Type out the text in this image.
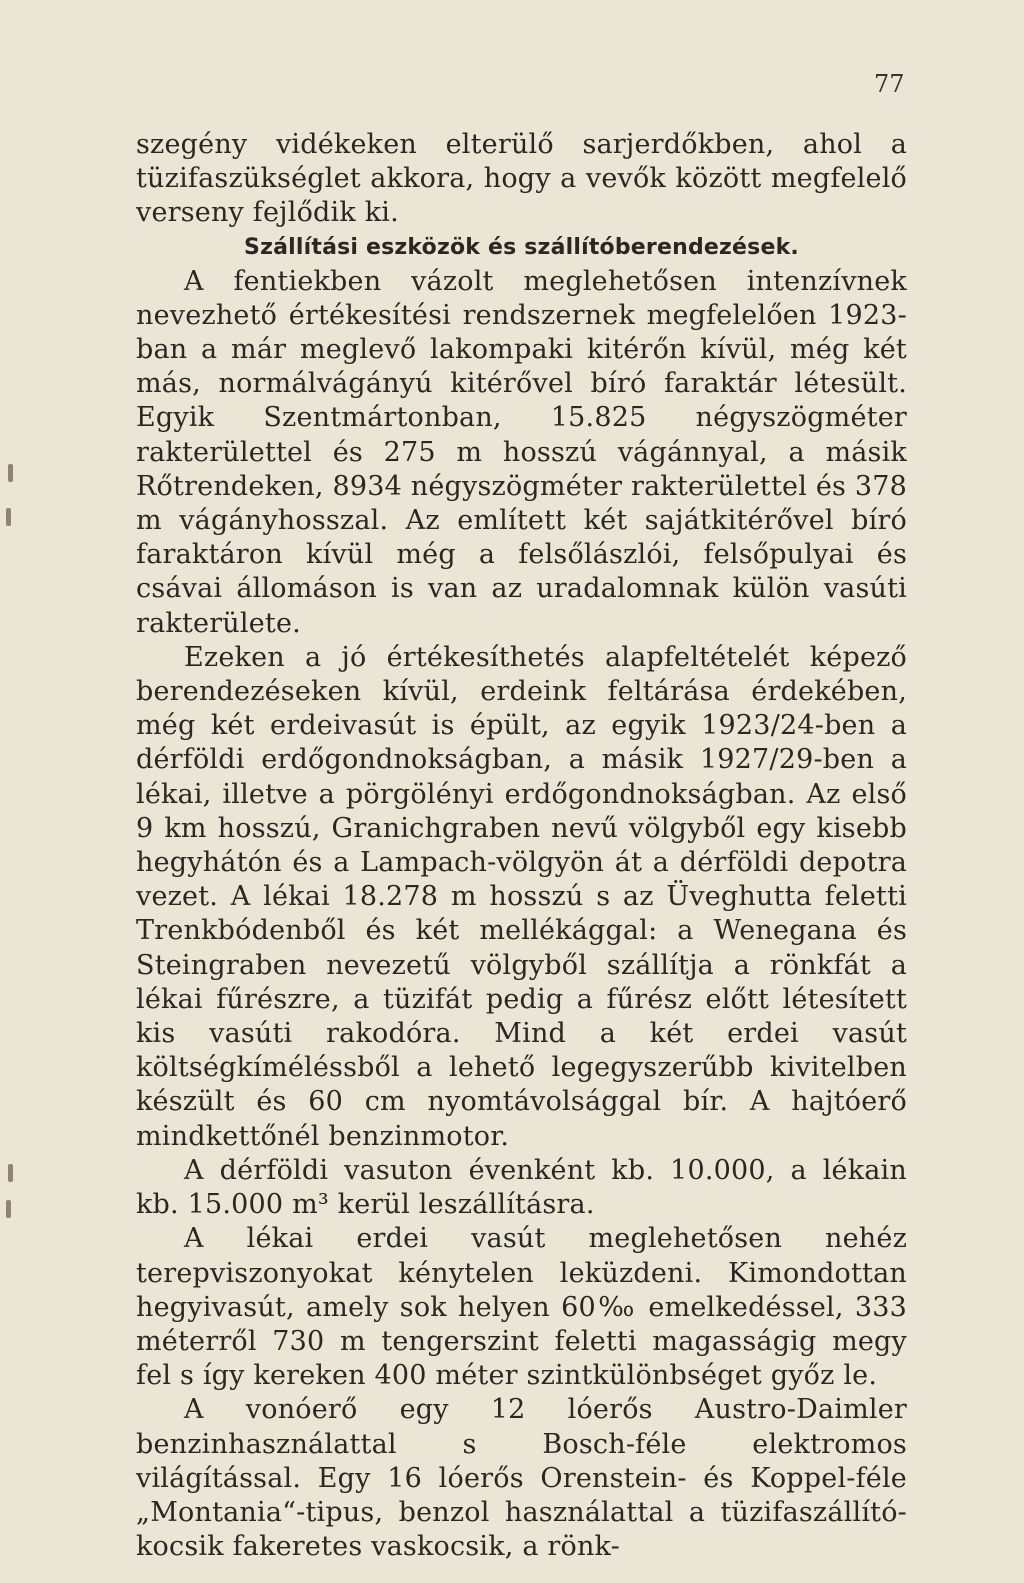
77

szegény vidékeken elterülő sarjerdőkben, ahol a tüzifaszükséglet akkora, hogy a vevők között megfelelő verseny fejlődik ki.

Szállítási eszközök és szállítóberendezések.

A fentiekben vázolt meglehetősen intenzívnek nevezhető értékesítési rendszernek megfelelően 1923-ban a már meglevő lakompaki kitérőn kívül, még két más, normálvágányú kitérővel bíró faraktár létesült. Egyik Szentmártonban, 15.825 négyszögméter rakterülettel és 275 m hosszú vágánnyal, a másik Rőtrendeken, 8934 négyszögméter rakterülettel és 378 m vágányhosszal. Az említett két sajátkitérővel bíró faraktáron kívül még a felsőlászlói, felsőpulyai és csávai állomáson is van az uradalomnak külön vasúti rakterülete.

Ezeken a jó értékesíthetés alapfeltételét képező berendezéseken kívül, erdeink feltárása érdekében, még két erdeivasút is épült, az egyik 1923/24-ben a dérföldi erdőgondnokságban, a másik 1927/29-ben a lékai, illetve a pörgölényi erdőgondnokságban. Az első 9 km hosszú, Granichgraben nevű völgyből egy kisebb hegyhátón és a Lampach-völgyön át a dérföldi depotra vezet. A lékai 18.278 m hosszú s az Üveghutta feletti Trenkbódenből és két mellékággal: a Wenegana és Steingraben nevezetű völgyből szállítja a rönkfát a lékai fűrészre, a tüzifát pedig a fűrész előtt létesített kis vasúti rakodóra. Mind a két erdei vasút költségkíméléssből a lehető legegyszerűbb kivitelben készült és 60 cm nyomtávolsággal bír. A hajtóerő mindkettőnél benzinmotor.

A dérföldi vasuton évenként kb. 10.000, a lékain kb. 15.000 m³ kerül leszállításra.

A lékai erdei vasút meglehetősen nehéz terepviszonyokat kénytelen leküzdeni. Kimondottan hegyivasút, amely sok helyen 60‰ emelkedéssel, 333 méterről 730 m tengerszint feletti magasságig megy fel s így kereken 400 méter szintkülönbséget győz le.

A vonóerő egy 12 lóerős Austro-Daimler benzinhasználattal s Bosch-féle elektromos világítással. Egy 16 lóerős Orenstein- és Koppel-féle „Montania“-tipus, benzol használattal a tüzifaszállító-kocsik fakeretes vaskocsik, a rönk-
